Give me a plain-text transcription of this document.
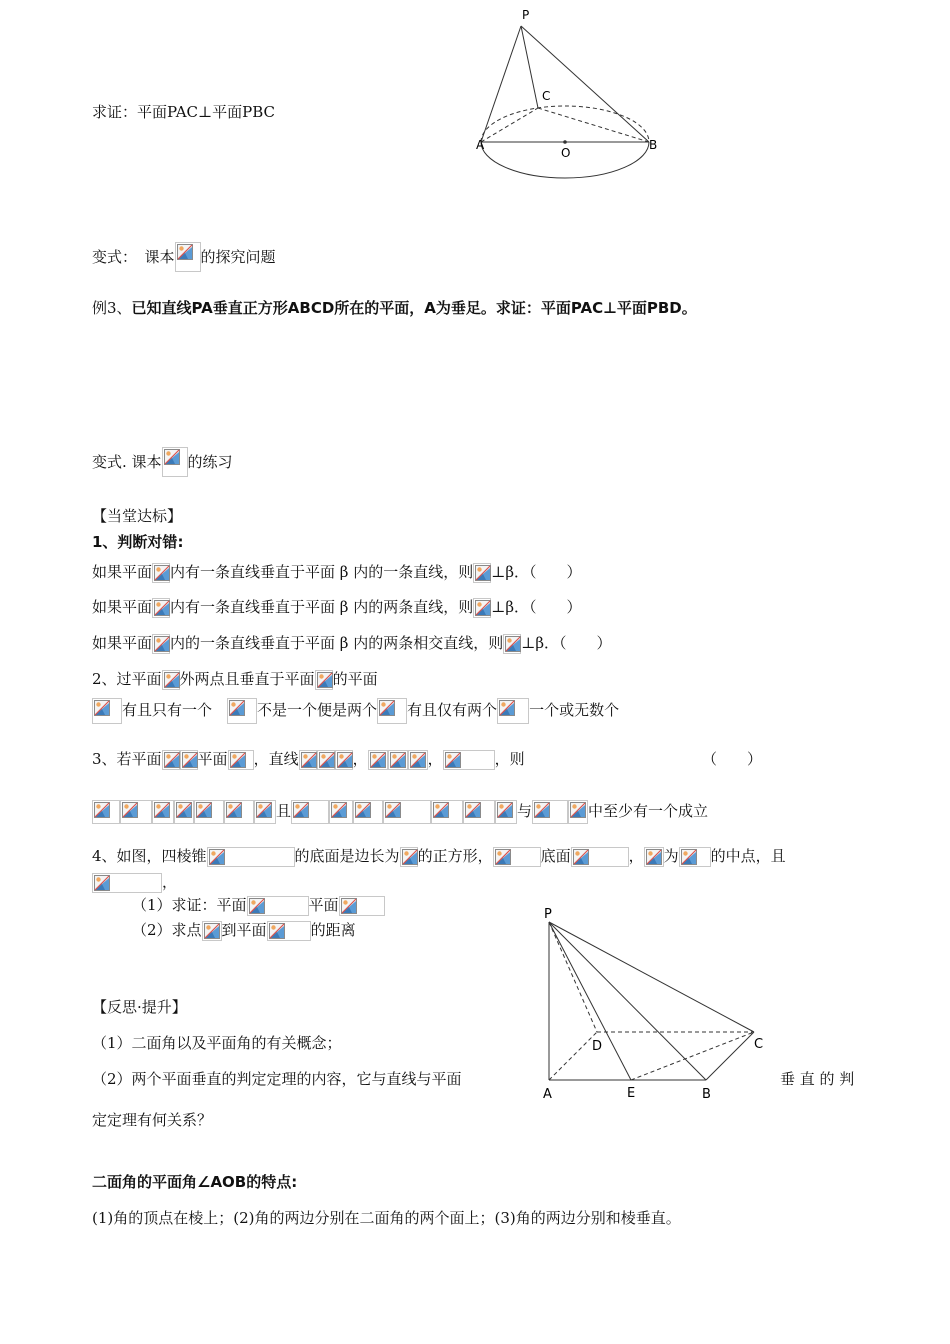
求证：平面PAC⊥平面PBC
P
C
A
O
B
变式：　 课本 的探究问题
例3、已知直线PA垂直正方形ABCD所在的平面，A为垂足。求证：平面PAC⊥平面PBD。
变式. 课本 的练习
【当堂达标】
1、判断对错:
如果平面 内有一条直线垂直于平面 β 内的一条直线，则 ⊥β．（　　）
如果平面 内有一条直线垂直于平面 β 内的两条直线，则 ⊥β．（　　）
如果平面 内的一条直线垂直于平面 β 内的两条相交直线，则 ⊥β．（　　）
2、过平面 外两点且垂直于平面 的平面
有且只有一个　	不是一个便是两个 有且仅有两个 一个或无数个
3、若平面 平面 ，直线	，	，	，则	（　　）
且	与	中至少有一个成立
4、如图，四棱锥	的底面是边长为 的正方形，	底面	， 为 的中点，且
，
（1）求证：平面	平面
（2）求点 到平面	的距离
P
D	C
A	E	B
【反思·提升】
（1）二面角以及平面角的有关概念；
（2）两个平面垂直的判定定理的内容，它与直线与平面	垂 直 的 判
定定理有何关系？
二面角的平面角∠AOB的特点:
(1)角的顶点在棱上；(2)角的两边分别在二面角的两个面上；(3)角的两边分别和棱垂直。
